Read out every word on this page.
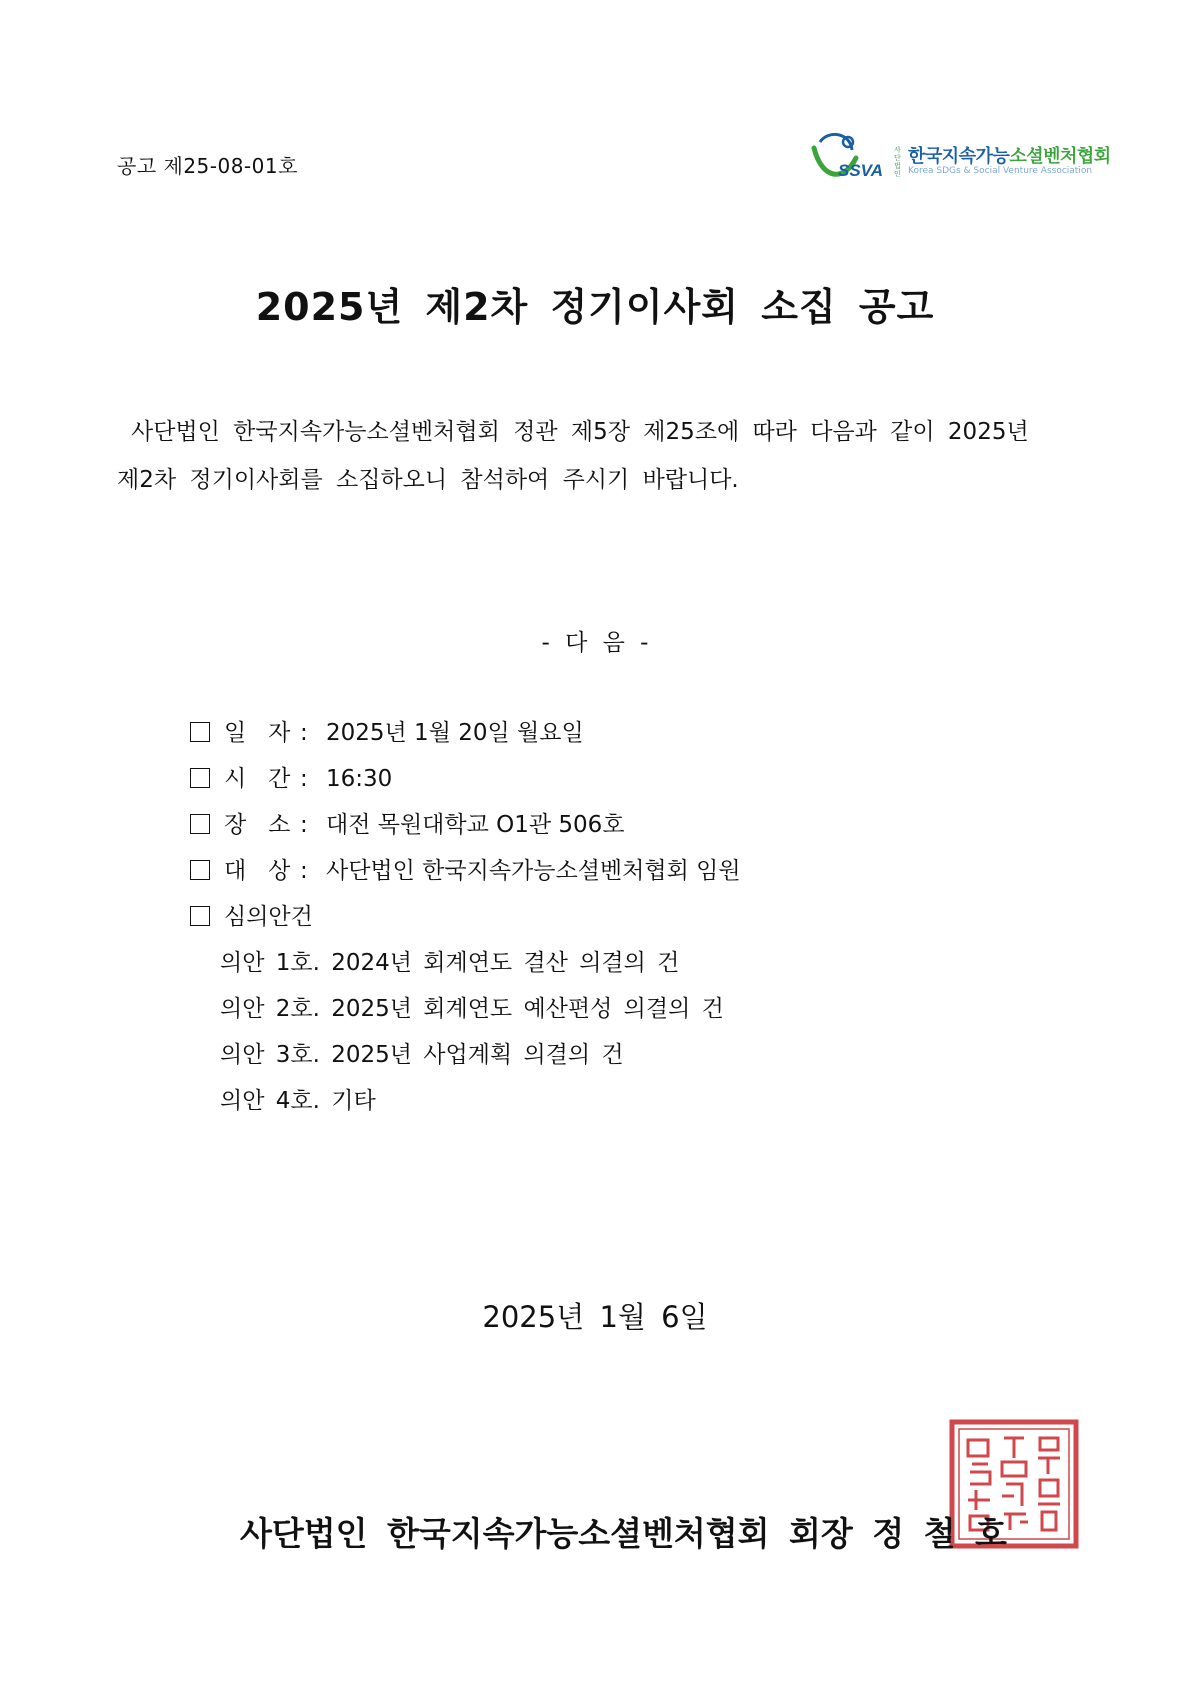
공고 제25-08-01호	SSVA
사
단
법
인
한국지속가능소셜벤처협회
Korea SDGs & Social Venture Association
2025년 제2차 정기이사회 소집 공고
사단법인 한국지속가능소셜벤처협회 정관 제5장 제25조에 따라 다음과 같이 2025년
제2차 정기이사회를 소집하오니 참석하여 주시기 바랍니다.
- 다 음 -
일   자 : 2025년 1월 20일 월요일
시   간 : 16:30
장   소 : 대전 목원대학교 O1관 506호
대   상 : 사단법인 한국지속가능소셜벤처협회 임원
심의안건
의안 1호. 2024년 회계연도 결산 의결의 건
의안 2호. 2025년 회계연도 예산편성 의결의 건
의안 3호. 2025년 사업계획 의결의 건
의안 4호. 기타
2025년 1월 6일
사단법인 한국지속가능소셜벤처협회 회장 정 철 호
